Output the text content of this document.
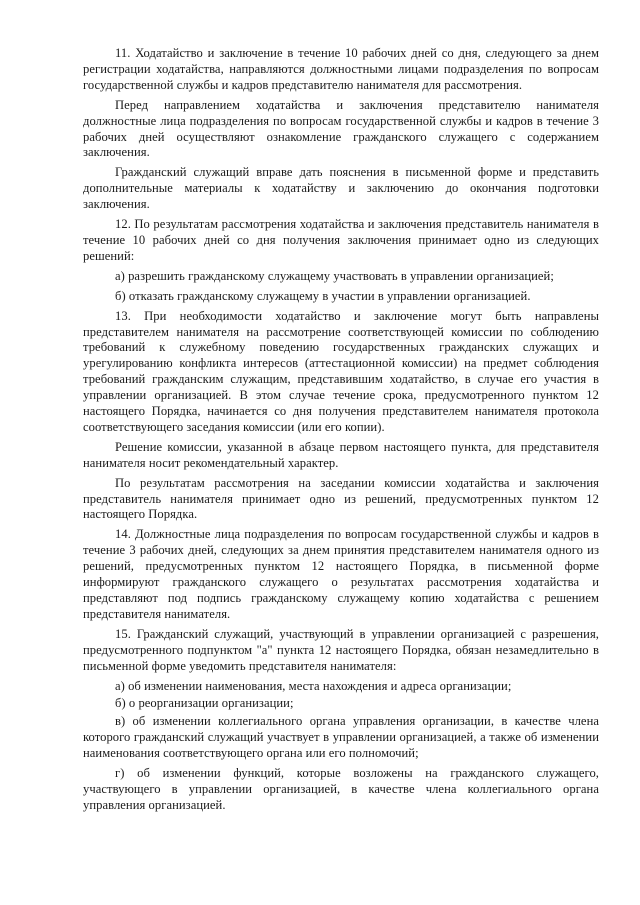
11. Ходатайство и заключение в течение 10 рабочих дней со дня, следующего за днем регистрации ходатайства, направляются должностными лицами подразделения по вопросам государственной службы и кадров представителю нанимателя для рассмотрения.

Перед направлением ходатайства и заключения представителю нанимателя должностные лица подразделения по вопросам государственной службы и кадров в течение 3 рабочих дней осуществляют ознакомление гражданского служащего с содержанием заключения.

Гражданский служащий вправе дать пояснения в письменной форме и представить дополнительные материалы к ходатайству и заключению до окончания подготовки заключения.

12. По результатам рассмотрения ходатайства и заключения представитель нанимателя в течение 10 рабочих дней со дня получения заключения принимает одно из следующих решений:

а) разрешить гражданскому служащему участвовать в управлении организацией;

б) отказать гражданскому служащему в участии в управлении организацией.

13. При необходимости ходатайство и заключение могут быть направлены представителем нанимателя на рассмотрение соответствующей комиссии по соблюдению требований к служебному поведению государственных гражданских служащих и урегулированию конфликта интересов (аттестационной комиссии) на предмет соблюдения требований гражданским служащим, представившим ходатайство, в случае его участия в управлении организацией. В этом случае течение срока, предусмотренного пунктом 12 настоящего Порядка, начинается со дня получения представителем нанимателя протокола соответствующего заседания комиссии (или его копии).

Решение комиссии, указанной в абзаце первом настоящего пункта, для представителя нанимателя носит рекомендательный характер.

По результатам рассмотрения на заседании комиссии ходатайства и заключения представитель нанимателя принимает одно из решений, предусмотренных пунктом 12 настоящего Порядка.

14. Должностные лица подразделения по вопросам государственной службы и кадров в течение 3 рабочих дней, следующих за днем принятия представителем нанимателя одного из решений, предусмотренных пунктом 12 настоящего Порядка, в письменной форме информируют гражданского служащего о результатах рассмотрения ходатайства и представляют под подпись гражданскому служащему копию ходатайства с решением представителя нанимателя.

15. Гражданский служащий, участвующий в управлении организацией с разрешения, предусмотренного подпунктом "а" пункта 12 настоящего Порядка, обязан незамедлительно в письменной форме уведомить представителя нанимателя:

а) об изменении наименования, места нахождения и адреса организации;

б) о реорганизации организации;

в) об изменении коллегиального органа управления организации, в качестве члена которого гражданский служащий участвует в управлении организацией, а также об изменении наименования соответствующего органа или его полномочий;

г) об изменении функций, которые возложены на гражданского служащего, участвующего в управлении организацией, в качестве члена коллегиального органа управления организацией.
